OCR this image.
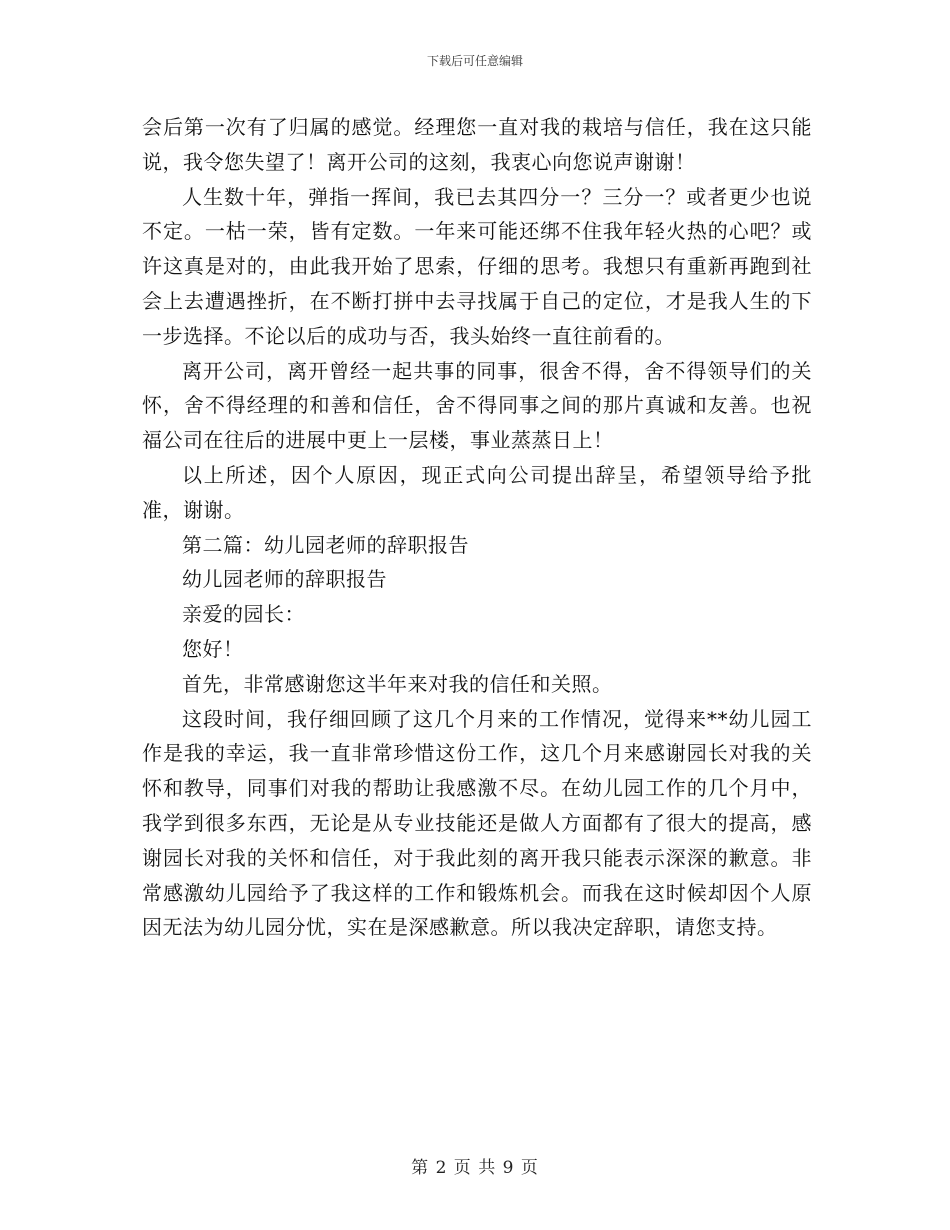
下载后可任意编辑

会后第一次有了归属的感觉。经理您一直对我的栽培与信任，我在这只能说，我令您失望了！离开公司的这刻，我衷心向您说声谢谢！

人生数十年，弹指一挥间，我已去其四分一？三分一？或者更少也说不定。一枯一荣，皆有定数。一年来可能还绑不住我年轻火热的心吧？或许这真是对的，由此我开始了思索，仔细的思考。我想只有重新再跑到社会上去遭遇挫折，在不断打拼中去寻找属于自己的定位，才是我人生的下一步选择。不论以后的成功与否，我头始终一直往前看的。

离开公司，离开曾经一起共事的同事，很舍不得，舍不得领导们的关怀，舍不得经理的和善和信任，舍不得同事之间的那片真诚和友善。也祝福公司在往后的进展中更上一层楼，事业蒸蒸日上！

以上所述，因个人原因，现正式向公司提出辞呈，希望领导给予批准，谢谢。

第二篇：幼儿园老师的辞职报告

幼儿园老师的辞职报告

亲爱的园长：

您好！

首先，非常感谢您这半年来对我的信任和关照。

这段时间，我仔细回顾了这几个月来的工作情况，觉得来**幼儿园工作是我的幸运，我一直非常珍惜这份工作，这几个月来感谢园长对我的关怀和教导，同事们对我的帮助让我感激不尽。在幼儿园工作的几个月中，我学到很多东西，无论是从专业技能还是做人方面都有了很大的提高，感谢园长对我的关怀和信任，对于我此刻的离开我只能表示深深的歉意。非常感激幼儿园给予了我这样的工作和锻炼机会。而我在这时候却因个人原因无法为幼儿园分忧，实在是深感歉意。所以我决定辞职，请您支持。

第 2 页 共 9 页
